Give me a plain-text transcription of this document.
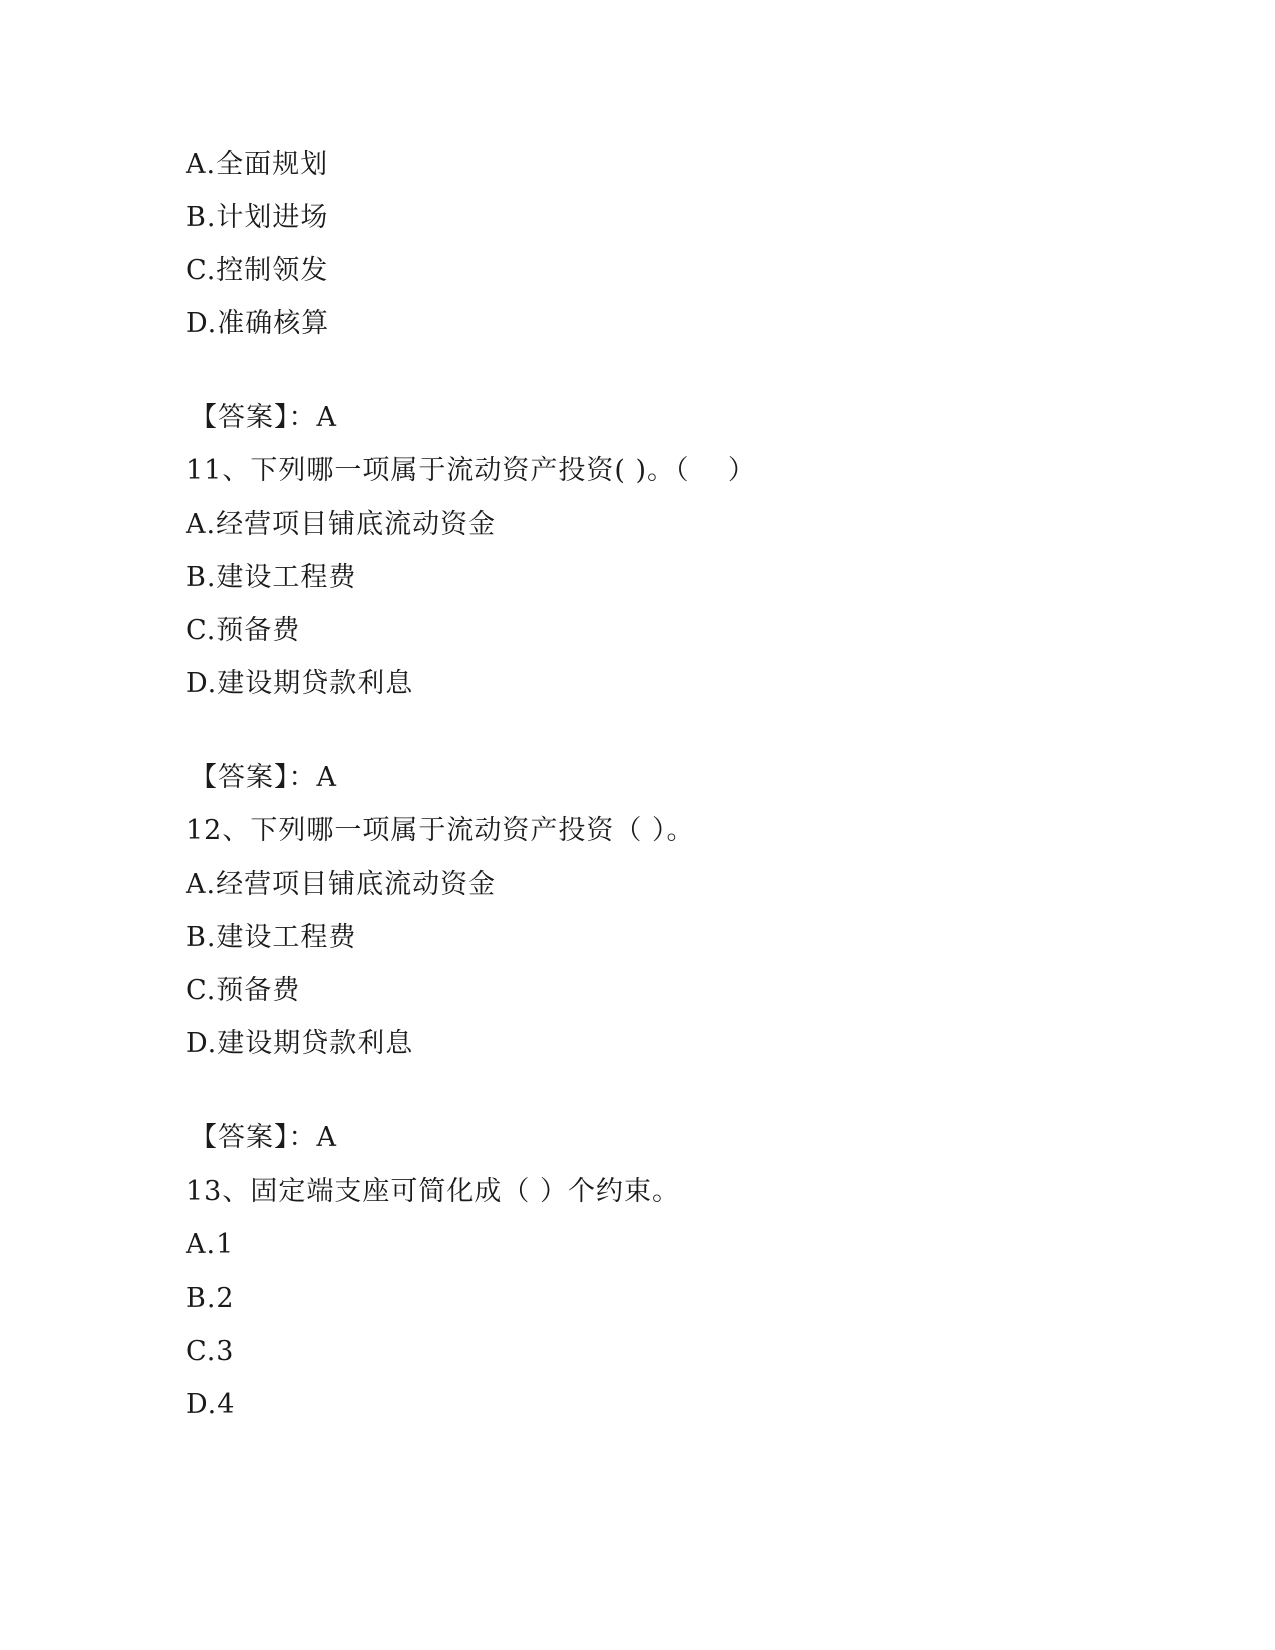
A.全面规划
B.计划进场
C.控制领发
D.准确核算
【答案】：A
11、下列哪一项属于流动资产投资( )。（    ）
A.经营项目铺底流动资金
B.建设工程费
C.预备费
D.建设期贷款利息
【答案】：A
12、下列哪一项属于流动资产投资（ ）。
A.经营项目铺底流动资金
B.建设工程费
C.预备费
D.建设期贷款利息
【答案】：A
13、固定端支座可简化成（ ）个约束。
A.1
B.2
C.3
D.4
